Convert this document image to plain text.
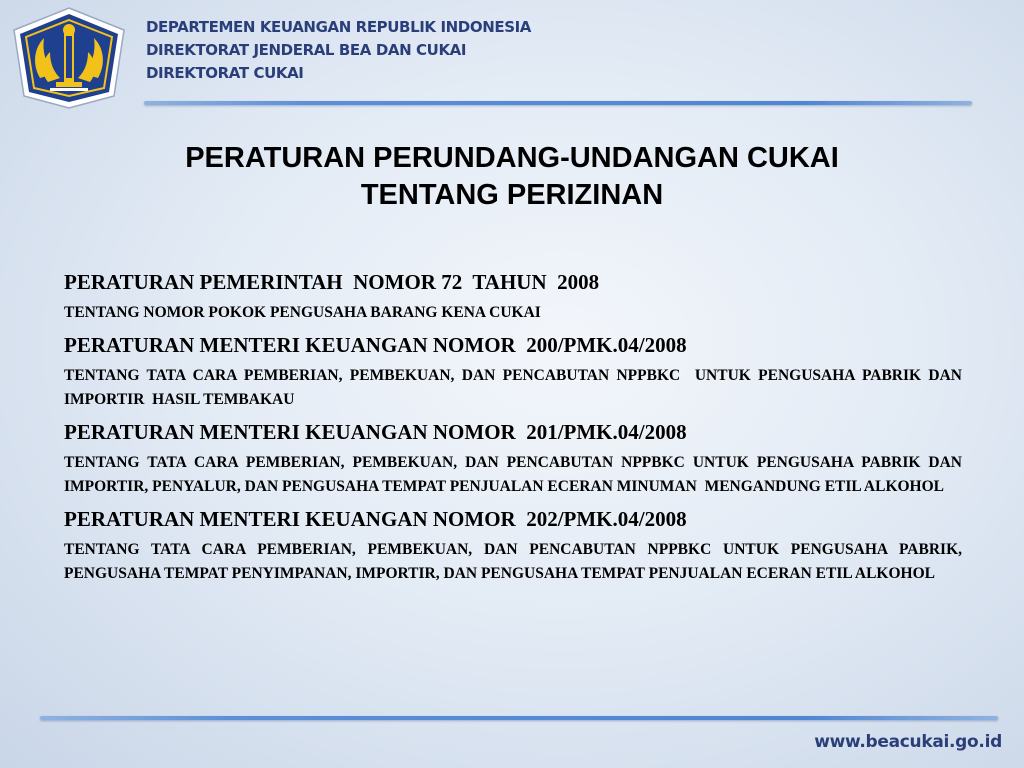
DEPARTEMEN KEUANGAN REPUBLIK INDONESIA
DIREKTORAT JENDERAL BEA DAN CUKAI
DIREKTORAT CUKAI
PERATURAN PERUNDANG-UNDANGAN CUKAI
TENTANG PERIZINAN
PERATURAN PEMERINTAH  NOMOR 72  TAHUN  2008
TENTANG NOMOR POKOK PENGUSAHA BARANG KENA CUKAI
PERATURAN MENTERI KEUANGAN NOMOR  200/PMK.04/2008
TENTANG TATA CARA PEMBERIAN, PEMBEKUAN, DAN PENCABUTAN NPPBKC  UNTUK PENGUSAHA PABRIK DAN IMPORTIR  HASIL TEMBAKAU
PERATURAN MENTERI KEUANGAN NOMOR  201/PMK.04/2008
TENTANG TATA CARA PEMBERIAN, PEMBEKUAN, DAN PENCABUTAN NPPBKC UNTUK PENGUSAHA PABRIK DAN IMPORTIR, PENYALUR, DAN PENGUSAHA TEMPAT PENJUALAN ECERAN MINUMAN  MENGANDUNG ETIL ALKOHOL
PERATURAN MENTERI KEUANGAN NOMOR  202/PMK.04/2008
TENTANG TATA CARA PEMBERIAN, PEMBEKUAN, DAN PENCABUTAN NPPBKC UNTUK PENGUSAHA PABRIK, PENGUSAHA TEMPAT PENYIMPANAN, IMPORTIR, DAN PENGUSAHA TEMPAT PENJUALAN ECERAN ETIL ALKOHOL
www.beacukai.go.id
